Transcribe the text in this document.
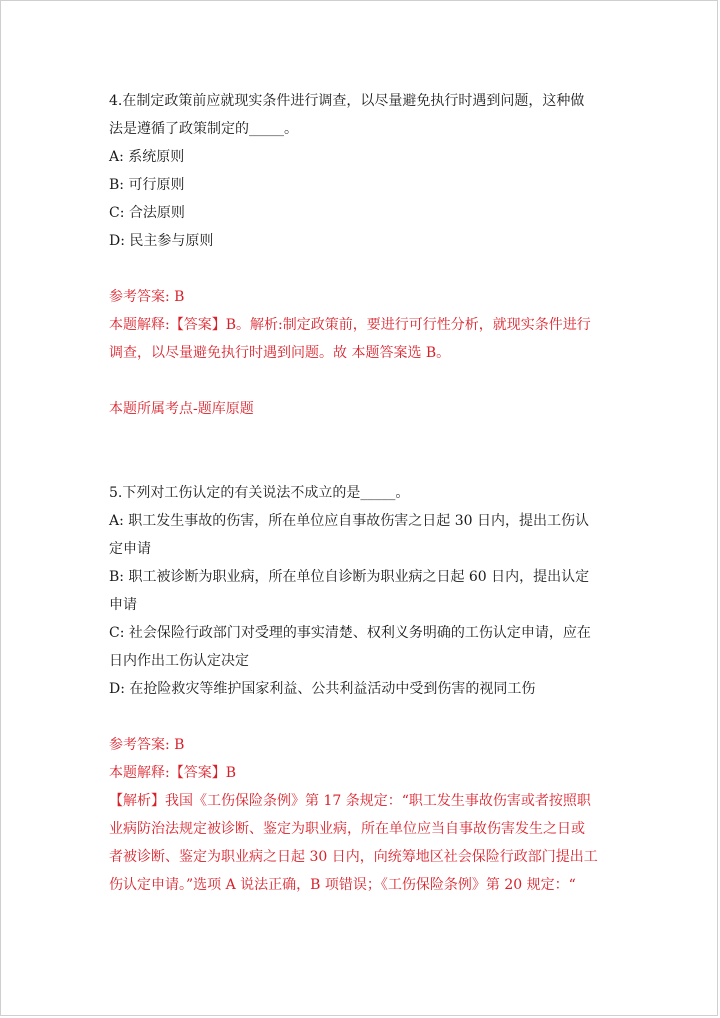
4.在制定政策前应就现实条件进行调查，以尽量避免执行时遇到问题，这种做
法是遵循了政策制定的_____。
A: 系统原则
B: 可行原则
C: 合法原则
D: 民主参与原则
参考答案: B
本题解释:【答案】B。解析:制定政策前，要进行可行性分析，就现实条件进行
调查，以尽量避免执行时遇到问题。故 本题答案选 B。
本题所属考点-题库原题
5.下列对工伤认定的有关说法不成立的是_____。
A: 职工发生事故的伤害，所在单位应自事故伤害之日起 30 日内，提出工伤认
定申请
B: 职工被诊断为职业病，所在单位自诊断为职业病之日起 60 日内，提出认定
申请
C: 社会保险行政部门对受理的事实清楚、权利义务明确的工伤认定申请，应在
日内作出工伤认定决定
D: 在抢险救灾等维护国家利益、公共利益活动中受到伤害的视同工伤
参考答案: B
本题解释:【答案】B
【解析】我国《工伤保险条例》第 17 条规定：“职工发生事故伤害或者按照职
业病防治法规定被诊断、鉴定为职业病，所在单位应当自事故伤害发生之日或
者被诊断、鉴定为职业病之日起 30 日内，向统筹地区社会保险行政部门提出工
伤认定申请。”选项 A 说法正确，B 项错误；《工伤保险条例》第 20 规定：“
